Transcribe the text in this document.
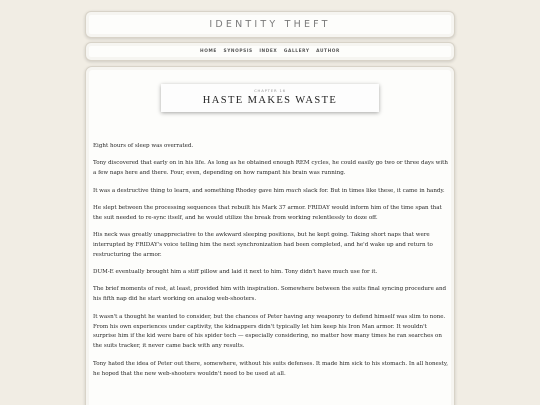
IDENTITY THEFT
HOME SYNOPSIS INDEX GALLERY AUTHOR
CHAPTER 16
HASTE MAKES WASTE

Eight hours of sleep was overrated.

Tony discovered that early on in his life. As long as he obtained enough REM cycles, he could easily go two or three days with a few naps here and there. Four, even, depending on how rampant his brain was running.

It was a destructive thing to learn, and something Rhodey gave him much slack for. But in times like these, it came in handy.

He slept between the processing sequences that rebuilt his Mark 37 armor. FRIDAY would inform him of the time span that the suit needed to re-sync itself, and he would utilize the break from working relentlessly to doze off.

His neck was greatly unappreciative to the awkward sleeping positions, but he kept going. Taking short naps that were interrupted by FRIDAY's voice telling him the next synchronization had been completed, and he'd wake up and return to restructuring the armor.

DUM-E eventually brought him a stiff pillow and laid it next to him. Tony didn't have much use for it.

The brief moments of rest, at least, provided him with inspiration. Somewhere between the suits final syncing procedure and his fifth nap did he start working on analog web-shooters.

It wasn't a thought he wanted to consider, but the chances of Peter having any weaponry to defend himself was slim to none. From his own experiences under captivity, the kidnappers didn't typically let him keep his Iron Man armor. It wouldn't surprise him if the kid were bare of his spider tech — especially considering, no matter how many times he ran searches on the suits tracker, it never came back with any results.

Tony hated the idea of Peter out there, somewhere, without his suits defenses. It made him sick to his stomach. In all honesty, he hoped that the new web-shooters wouldn't need to be used at all.
